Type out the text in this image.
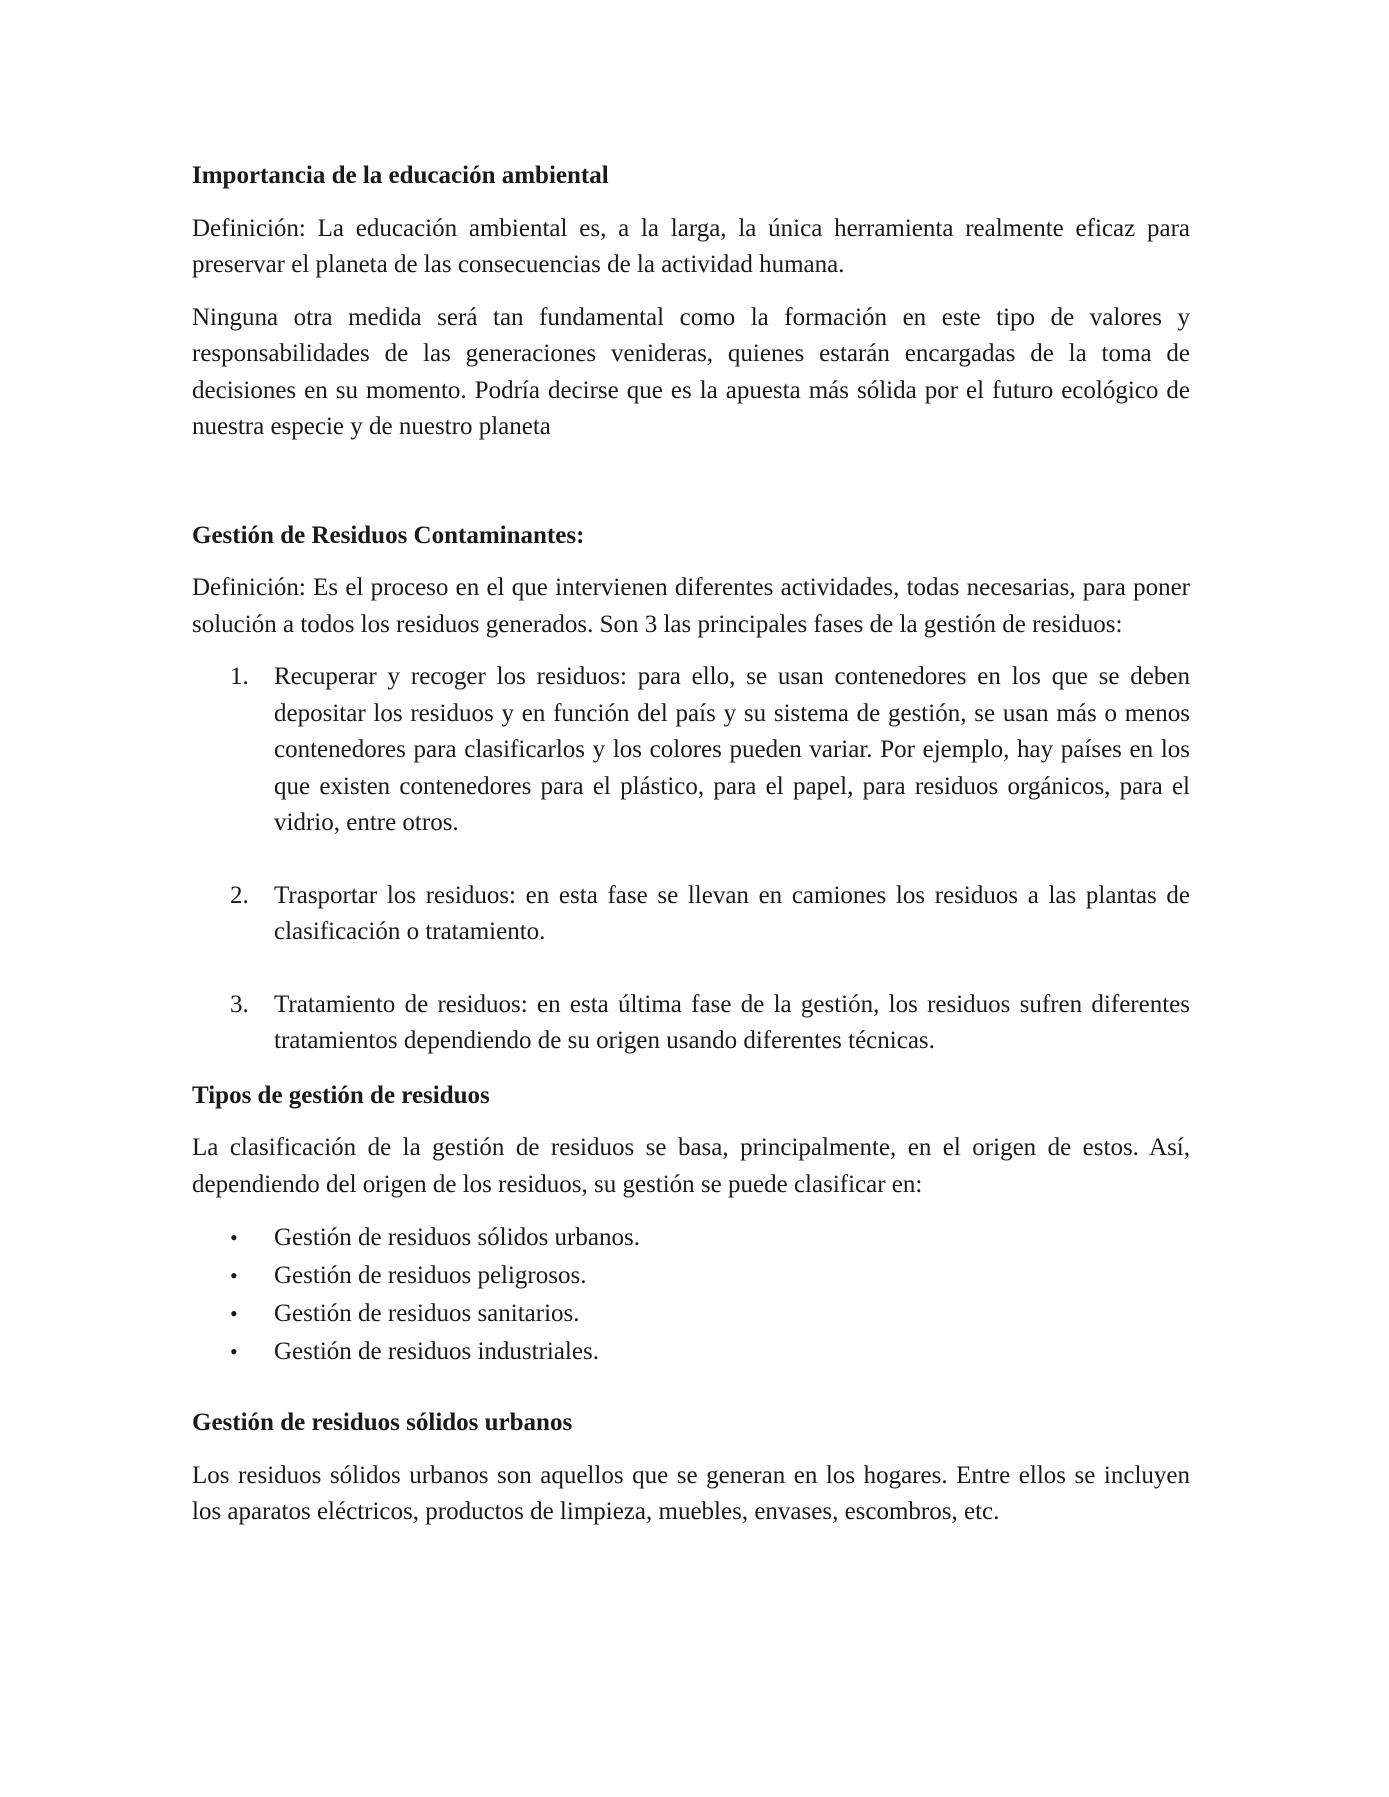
Importancia de la educación ambiental

Definición: La educación ambiental es, a la larga, la única herramienta realmente eficaz para preservar el planeta de las consecuencias de la actividad humana.

Ninguna otra medida será tan fundamental como la formación en este tipo de valores y responsabilidades de las generaciones venideras, quienes estarán encargadas de la toma de decisiones en su momento. Podría decirse que es la apuesta más sólida por el futuro ecológico de nuestra especie y de nuestro planeta

Gestión de Residuos Contaminantes:

Definición: Es el proceso en el que intervienen diferentes actividades, todas necesarias, para poner solución a todos los residuos generados. Son 3 las principales fases de la gestión de residuos:

1. Recuperar y recoger los residuos: para ello, se usan contenedores en los que se deben depositar los residuos y en función del país y su sistema de gestión, se usan más o menos contenedores para clasificarlos y los colores pueden variar. Por ejemplo, hay países en los que existen contenedores para el plástico, para el papel, para residuos orgánicos, para el vidrio, entre otros.
2. Trasportar los residuos: en esta fase se llevan en camiones los residuos a las plantas de clasificación o tratamiento.
3. Tratamiento de residuos: en esta última fase de la gestión, los residuos sufren diferentes tratamientos dependiendo de su origen usando diferentes técnicas.
Tipos de gestión de residuos

La clasificación de la gestión de residuos se basa, principalmente, en el origen de estos. Así, dependiendo del origen de los residuos, su gestión se puede clasificar en:

• Gestión de residuos sólidos urbanos.
• Gestión de residuos peligrosos.
• Gestión de residuos sanitarios.
• Gestión de residuos industriales.
Gestión de residuos sólidos urbanos

Los residuos sólidos urbanos son aquellos que se generan en los hogares. Entre ellos se incluyen los aparatos eléctricos, productos de limpieza, muebles, envases, escombros, etc.
